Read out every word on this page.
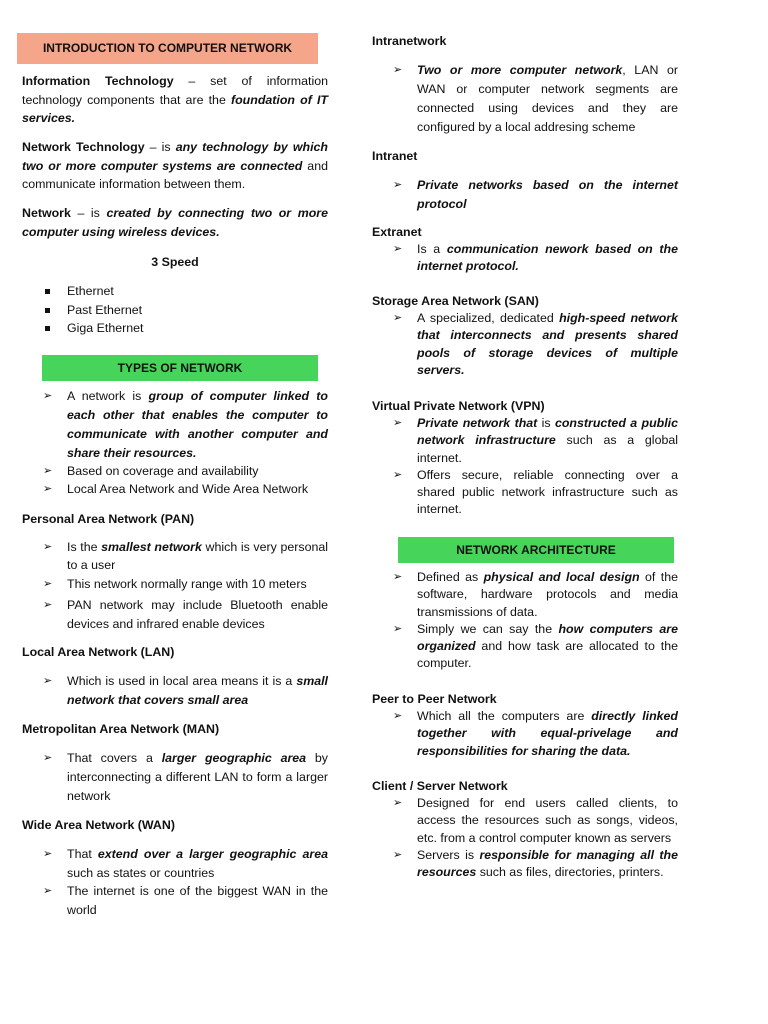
INTRODUCTION TO COMPUTER NETWORK

Information Technology – set of information technology components that are the foundation of IT services.

Network Technology – is any technology by which two or more computer systems are connected and communicate information between them.

Network – is created by connecting two or more computer using wireless devices.

3 Speed
Ethernet
Past Ethernet
Giga Ethernet
TYPES OF NETWORK
➢ A network is group of computer linked to each other that enables the computer to communicate with another computer and share their resources.
➢ Based on coverage and availability
➢ Local Area Network and Wide Area Network
Personal Area Network (PAN)
➢ Is the smallest network which is very personal to a user
➢ This network normally range with 10 meters
➢ PAN network may include Bluetooth enable devices and infrared enable devices
Local Area Network (LAN)
➢ Which is used in local area means it is a small network that covers small area
Metropolitan Area Network (MAN)
➢ That covers a larger geographic area by interconnecting a different LAN to form a larger network
Wide Area Network (WAN)
➢ That extend over a larger geographic area such as states or countries
➢ The internet is one of the biggest WAN in the world
Intranetwork
➢ Two or more computer network, LAN or WAN or computer network segments are connected using devices and they are configured by a local addresing scheme
Intranet
➢ Private networks based on the internet protocol
Extranet
➢ Is a communication nework based on the internet protocol.
Storage Area Network (SAN)
➢ A specialized, dedicated high-speed network that interconnects and presents shared pools of storage devices of multiple servers.
Virtual Private Network (VPN)
➢ Private network that is constructed a public network infrastructure such as a global internet.
➢ Offers secure, reliable connecting over a shared public network infrastructure such as internet.
NETWORK ARCHITECTURE
➢ Defined as physical and local design of the software, hardware protocols and media transmissions of data.
➢ Simply we can say the how computers are organized and how task are allocated to the computer.
Peer to Peer Network
➢ Which all the computers are directly linked together with equal-privelage and responsibilities for sharing the data.
Client / Server Network
➢ Designed for end users called clients, to access the resources such as songs, videos, etc. from a control computer known as servers
➢ Servers is responsible for managing all the resources such as files, directories, printers.
